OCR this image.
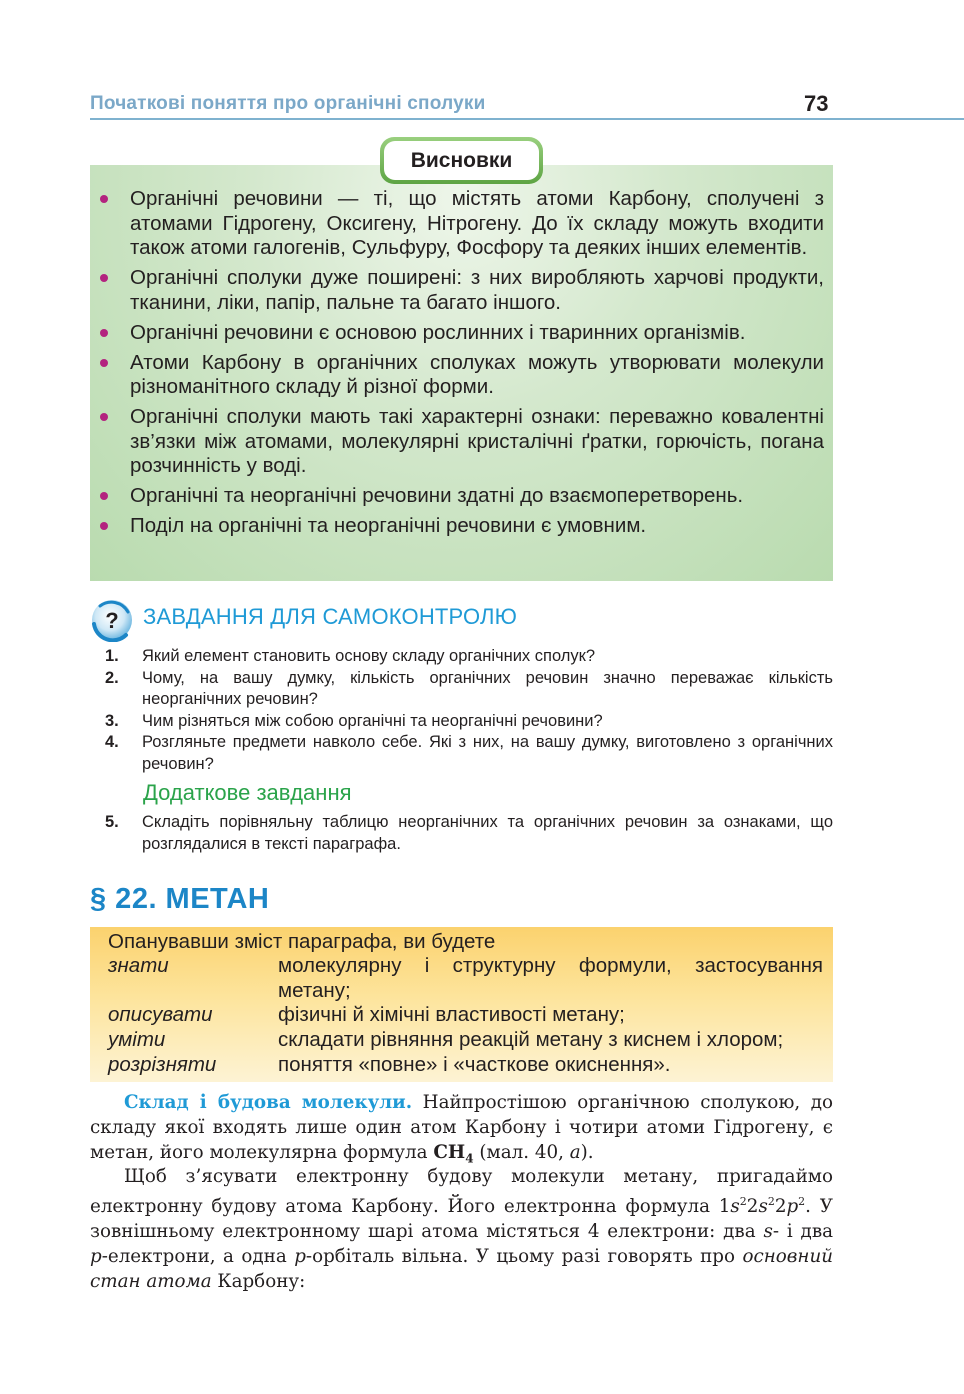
Початкові поняття про органічні сполуки	73
Висновки
Органічні речовини — ті, що містять атоми Карбону, сполучені з атомами Гідрогену, Оксигену, Нітрогену. До їх складу можуть входити також атоми галогенів, Сульфуру, Фосфору та деяких інших елементів.
Органічні сполуки дуже поширені: з них виробляють харчові продукти, тканини, ліки, папір, пальне та багато іншого.
Органічні речовини є основою рослинних і тваринних організмів.
Атоми Карбону в органічних сполуках можуть утворювати молекули різноманітного складу й різної форми.
Органічні сполуки мають такі характерні ознаки: переважно ковалентні зв’язки між атомами, молекулярні кристалічні ґратки, горючість, погана розчинність у воді.
Органічні та неорганічні речовини здатні до взаємоперетворень.
Поділ на органічні та неорганічні речовини є умовним.
? ЗАВДАННЯ ДЛЯ САМОКОНТРОЛЮ
1. Який елемент становить основу складу органічних сполук?
2. Чому, на вашу думку, кількість органічних речовин значно переважає кількість неорганічних речовин?
3. Чим різняться між собою органічні та неорганічні речовини?
4. Розгляньте предмети навколо себе. Які з них, на вашу думку, виготовлено з органічних речовин?
Додаткове завдання
5. Складіть порівняльну таблицю неорганічних та органічних речовин за ознаками, що розглядалися в тексті параграфа.
§ 22. МЕТАН
Опанувавши зміст параграфа, ви будете
знати	молекулярну і структурну формули, застосування метану;
описувати	фізичні й хімічні властивості метану;
уміти	складати рівняння реакцій метану з киснем і хлором;
розрізняти	поняття «повне» і «часткове окиснення».

Склад і будова молекули. Найпростішою органічною сполукою, до складу якої входять лише один атом Карбону і чотири атоми Гідрогену, є метан, його молекулярна формула $CH_4$ (мал. 40, а).

Щоб з’ясувати електронну будову молекули метану, пригадаймо електронну будову атома Карбону. Його електронна формула $1s^22s^22p^2$. У зовнішньому електронному шарі атома містяться 4 електрони: два s- і два p-електрони, а одна p-орбіталь вільна. У цьому разі говорять про основний стан атома Карбону:
